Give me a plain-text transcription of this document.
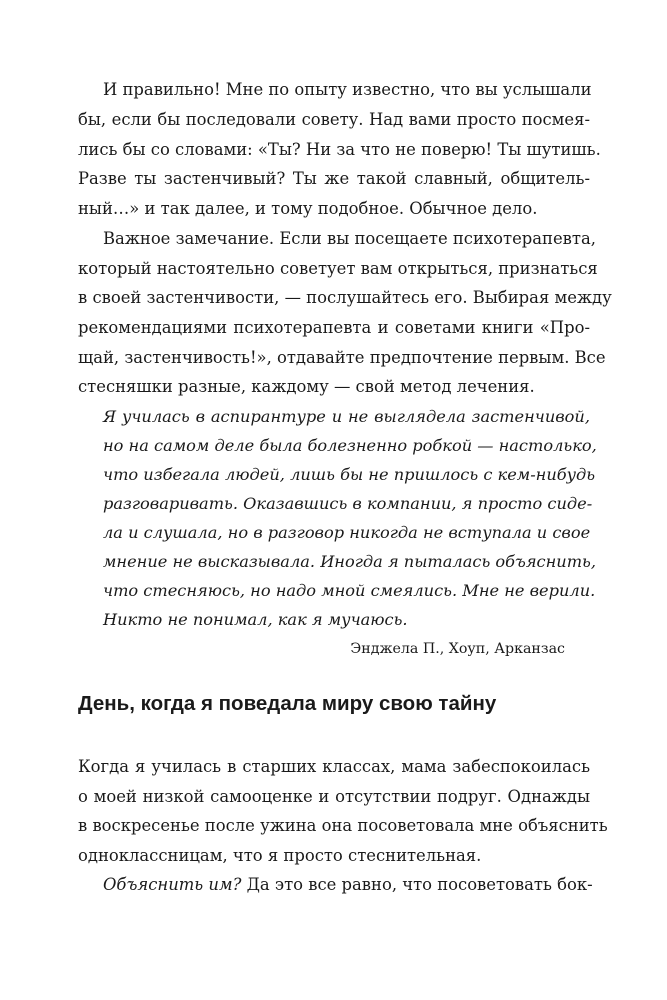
И правильно! Мне по опыту известно, что вы услышали
бы, если бы последовали совету. Над вами просто посмея-
лись бы со словами: «Ты? Ни за что не поверю! Ты шутишь.
Разве ты застенчивый? Ты же такой славный, общитель-
ный…» и так далее, и тому подобное. Обычное дело.
Важное замечание. Если вы посещаете психотерапевта,
который настоятельно советует вам открыться, признаться
в своей застенчивости, — послушайтесь его. Выбирая между
рекомендациями психотерапевта и советами книги «Про-
щай, застенчивость!», отдавайте предпочтение первым. Все
стесняшки разные, каждому — свой метод лечения.
Я училась в аспирантуре и не выглядела застенчивой,
но на самом деле была болезненно робкой — настолько,
что избегала людей, лишь бы не пришлось с кем-нибудь
разговаривать. Оказавшись в компании, я просто сиде-
ла и слушала, но в разговор никогда не вступала и свое
мнение не высказывала. Иногда я пыталась объяснить,
что стесняюсь, но надо мной смеялись. Мне не верили.
Никто не понимал, как я мучаюсь.
Энджела П., Хоуп, Арканзас
День, когда я поведала миру свою тайну
Когда я училась в старших классах, мама забеспокоилась
о моей низкой самооценке и отсутствии подруг. Однажды
в воскресенье после ужина она посоветовала мне объяснить
одноклассницам, что я просто стеснительная.
Объяснить им? Да это все равно, что посоветовать бок-
